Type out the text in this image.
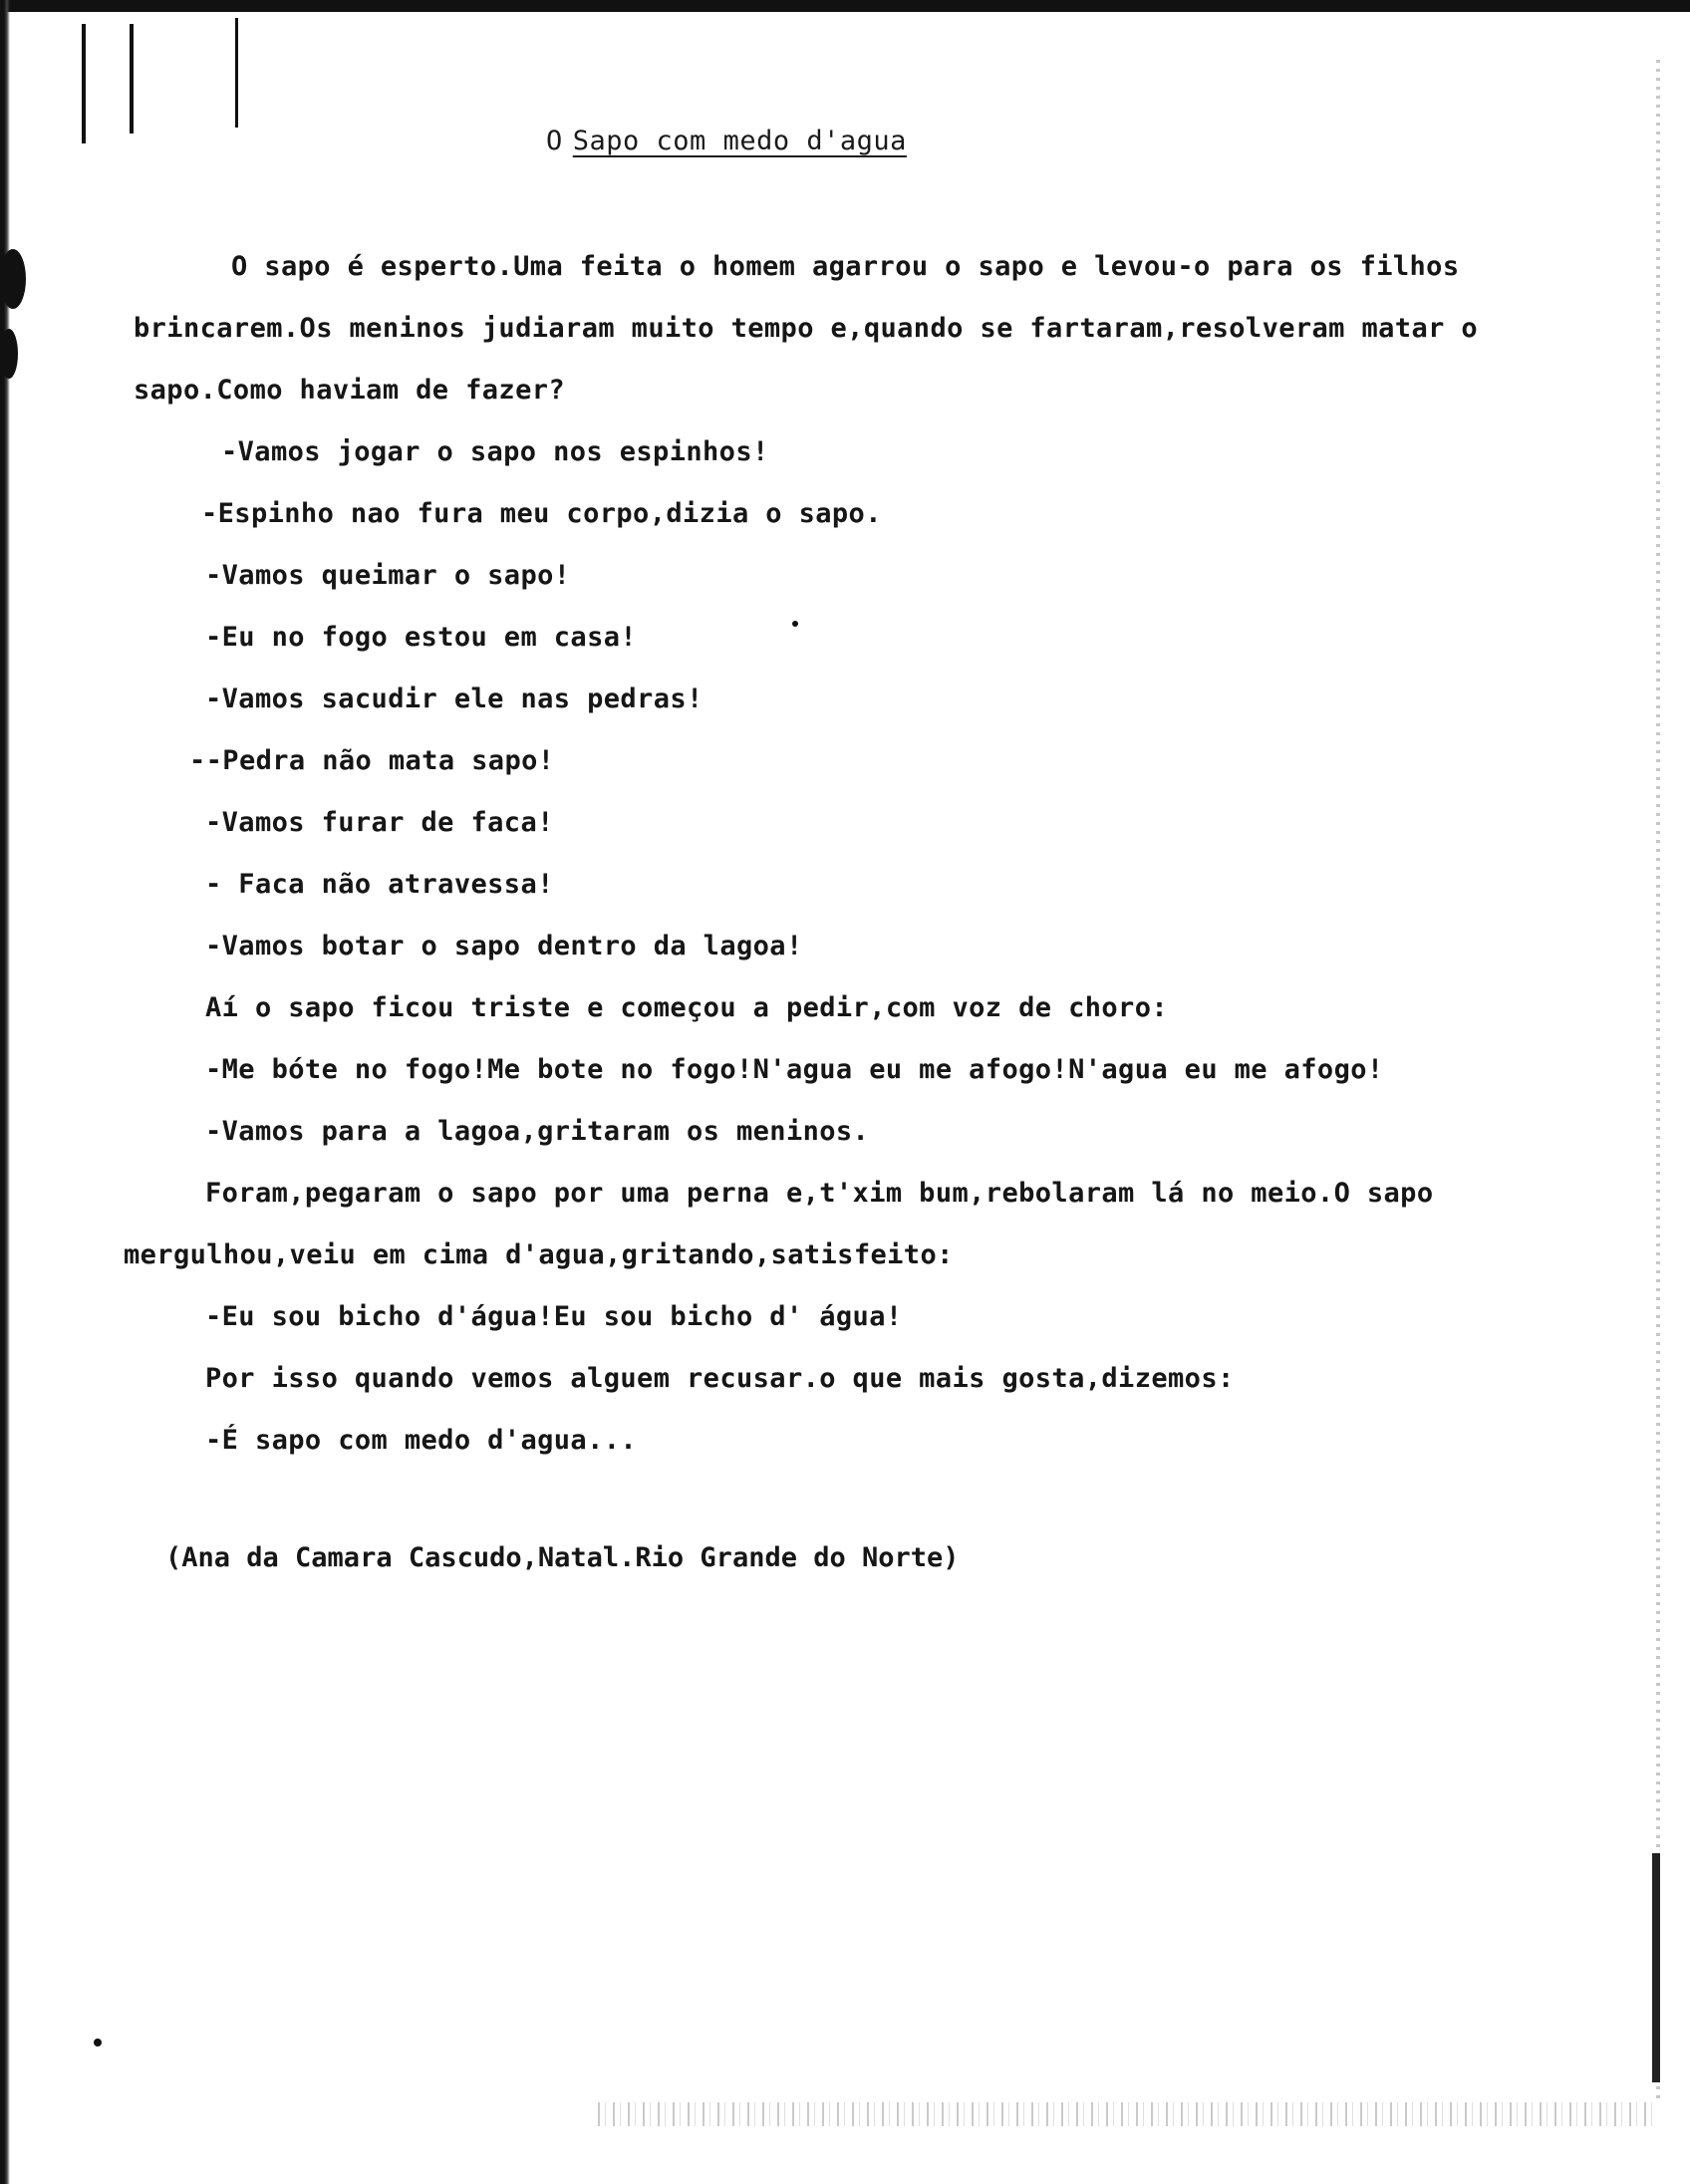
O Sapo com medo d'agua
O sapo é esperto.Uma feita o homem agarrou o sapo e levou-o para os filhos
brincarem.Os meninos judiaram muito tempo e,quando se fartaram,resolveram matar o
sapo.Como haviam de fazer?
-Vamos jogar o sapo nos espinhos!
-Espinho nao fura meu corpo,dizia o sapo.
-Vamos queimar o sapo!
-Eu no fogo estou em casa!
-Vamos sacudir ele nas pedras!
--Pedra não mata sapo!
-Vamos furar de faca!
- Faca não atravessa!
-Vamos botar o sapo dentro da lagoa!
Aí o sapo ficou triste e começou a pedir,com voz de choro:
-Me bóte no fogo!Me bote no fogo!N'agua eu me afogo!N'agua eu me afogo!
-Vamos para a lagoa,gritaram os meninos.
Foram,pegaram o sapo por uma perna e,t'xim bum,rebolaram lá no meio.O sapo
mergulhou,veiu em cima d'agua,gritando,satisfeito:
-Eu sou bicho d'água!Eu sou bicho d' água!
Por isso quando vemos alguem recusar.o que mais gosta,dizemos:
-É sapo com medo d'agua...
(Ana da Camara Cascudo,Natal.Rio Grande do Norte)
